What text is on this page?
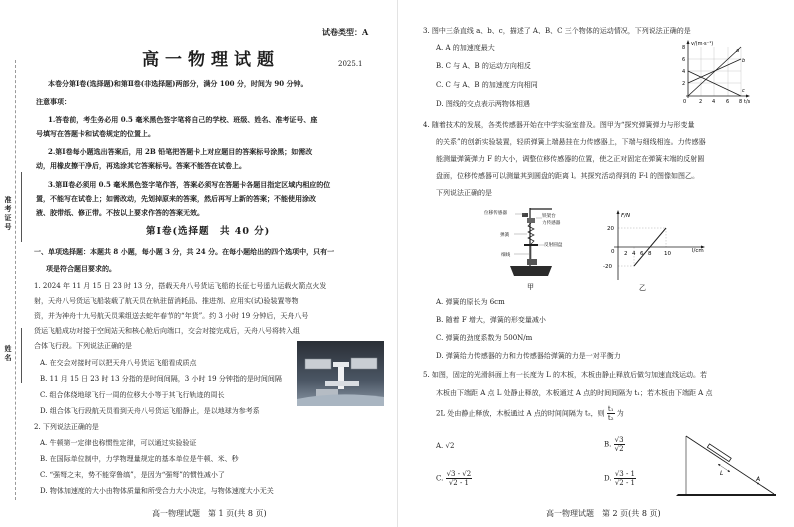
准考证号
姓名
试卷类型：A
高一物理试题	2025.1
本卷分第Ⅰ卷(选择题)和第Ⅱ卷(非选择题)两部分，满分 100 分，时间为 90 分钟。
注意事项：
1.答卷前，考生务必用 0.5 毫米黑色签字笔将自己的学校、班级、姓名、准考证号、座
号填写在答题卡和试卷规定的位置上。
2.第Ⅰ卷每小题选出答案后，用 2B 铅笔把答题卡上对应题目的答案标号涂黑；如需改
动，用橡皮擦干净后，再选涂其它答案标号。答案不能答在试卷上。
3.第Ⅱ卷必须用 0.5 毫米黑色签字笔作答，答案必须写在答题卡各题目指定区域内相应的位
置，不能写在试卷上；如需改动，先划掉原来的答案，然后再写上新的答案；不能使用涂改
液、胶带纸、修正带。不按以上要求作答的答案无效。
第Ⅰ卷(选择题　共 40 分)
一、单项选择题：本题共 8 小题，每小题 3 分，共 24 分。在每小题给出的四个选项中，只有一
项是符合题目要求的。
1. 2024 年 11 月 15 日 23 时 13 分，搭载天舟八号货运飞船的长征七号遥九运载火箭点火发
射，天舟八号货运飞船装载了航天员在轨驻留消耗品、推进剂、应用实(试)验装置等物
资，并为神舟十九号航天员乘组送去蛇年春节的“年货”。约 3 小时 19 分钟后，天舟八号
货运飞船成功对接于空间站天和核心舱后向端口，交会对接完成后，天舟八号将转入组
合体飞行段。下列说法正确的是
A. 在交会对接时可以把天舟八号货运飞船看成质点
B. 11 月 15 日 23 时 13 分指的是时间间隔，3 小时 19 分钟指的是时间间隔
C. 组合体绕地球飞行一周的位移大小等于其飞行轨迹的周长
D. 组合体飞行段航天员看到天舟八号货运飞船静止，是以地球为参考系
2. 下列说法正确的是
A. 牛顿第一定律也称惯性定律，可以通过实验验证
B. 在国际单位制中，力学物理量规定的基本单位是牛顿、米、秒
C. “强弩之末，势不能穿鲁缟”，是因为“强弩”的惯性减小了
D. 物体加速度的大小由物体质量和所受合力大小决定，与物体速度大小无关
高一物理试题　第 1 页(共 8 页)
3. 图中三条直线 a、b、c，描述了 A、B、C 三个物体的运动情况，下列说法正确的是
A. A 的加速度最大
B. C 与 A、B 的运动方向相反
C. C 与 A、B 的加速度方向相同
D. 图线的交点表示两物体相遇
v/(m·s⁻¹)
t/s
8
6
4
2
0	2 4 6 8
a
b
c
4. 随着技术的发展，各类传感器开始在中学实验室普及。图甲为“探究弹簧弹力与形变量
的关系”的创新实验装置，轻质弹簧上端悬挂在力传感器上，下端与细线相连。力传感器
能测量弹簧弹力 F 的大小，调整位移传感器的位置，使之正对固定在弹簧末端的反射圆
盘面，位移传感器可以测量其到圆盘的距离 l。其探究活动得到的 F-l 的图像如图乙。
下列说法正确的是
位移传感器
铁架台
力传感器
弹簧
反射圆盘
细线
甲
F/N
l/cm
20
0
-20
2 4 6 8 10
乙
A. 弹簧的原长为 6cm
B. 随着 F 增大，弹簧的形变量减小
C. 弹簧的劲度系数为 500N/m
D. 弹簧给力传感器的力和力传感器给弹簧的力是一对平衡力
5. 如图，固定的光滑斜面上有一长度为 L 的木板，木板由静止释放后做匀加速直线运动。若
木板由下端距 A 点 L 处静止释放，木板通过 A 点的时间间隔为 t₁；若木板由下端距 A 点
2L 处由静止释放，木板通过 A 点的时间间隔为 t₂，则 $\frac{\text{t₁}}{\text{t₂}}$ 为
A. √2	B. $\frac{√3}{√2}$
C. $\frac{√3 - √2}{√2 - 1}$	D. $\frac{√3 - 1}{√2 - 1}$	L
A
高一物理试题　第 2 页(共 8 页)
